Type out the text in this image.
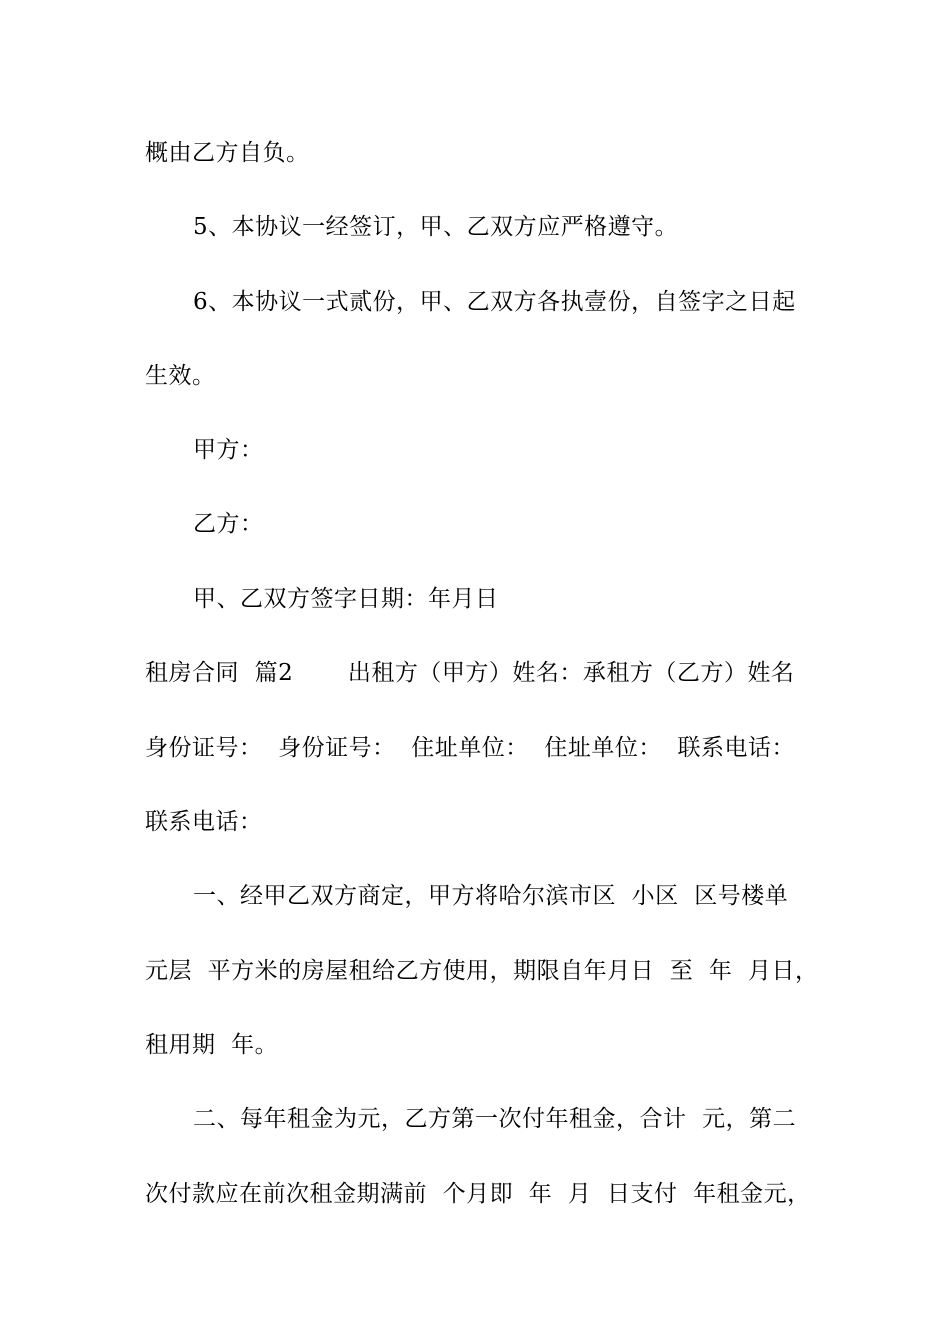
概由乙方自负。
5、本协议一经签订，甲、乙双方应严格遵守。
6、本协议一式贰份，甲、乙双方各执壹份，自签字之日起
生效。
甲方：
乙方：
甲、乙双方签字日期：年月日
租房合同  篇2       出租方（甲方）姓名：承租方（乙方）姓名
身份证号：  身份证号：  住址单位：  住址单位：  联系电话：
联系电话：
一、经甲乙双方商定，甲方将哈尔滨市区  小区  区号楼单
元层  平方米的房屋租给乙方使用，期限自年月日  至  年  月日，
租用期  年。
二、每年租金为元，乙方第一次付年租金，合计  元，第二
次付款应在前次租金期满前  个月即  年  月  日支付  年租金元，
